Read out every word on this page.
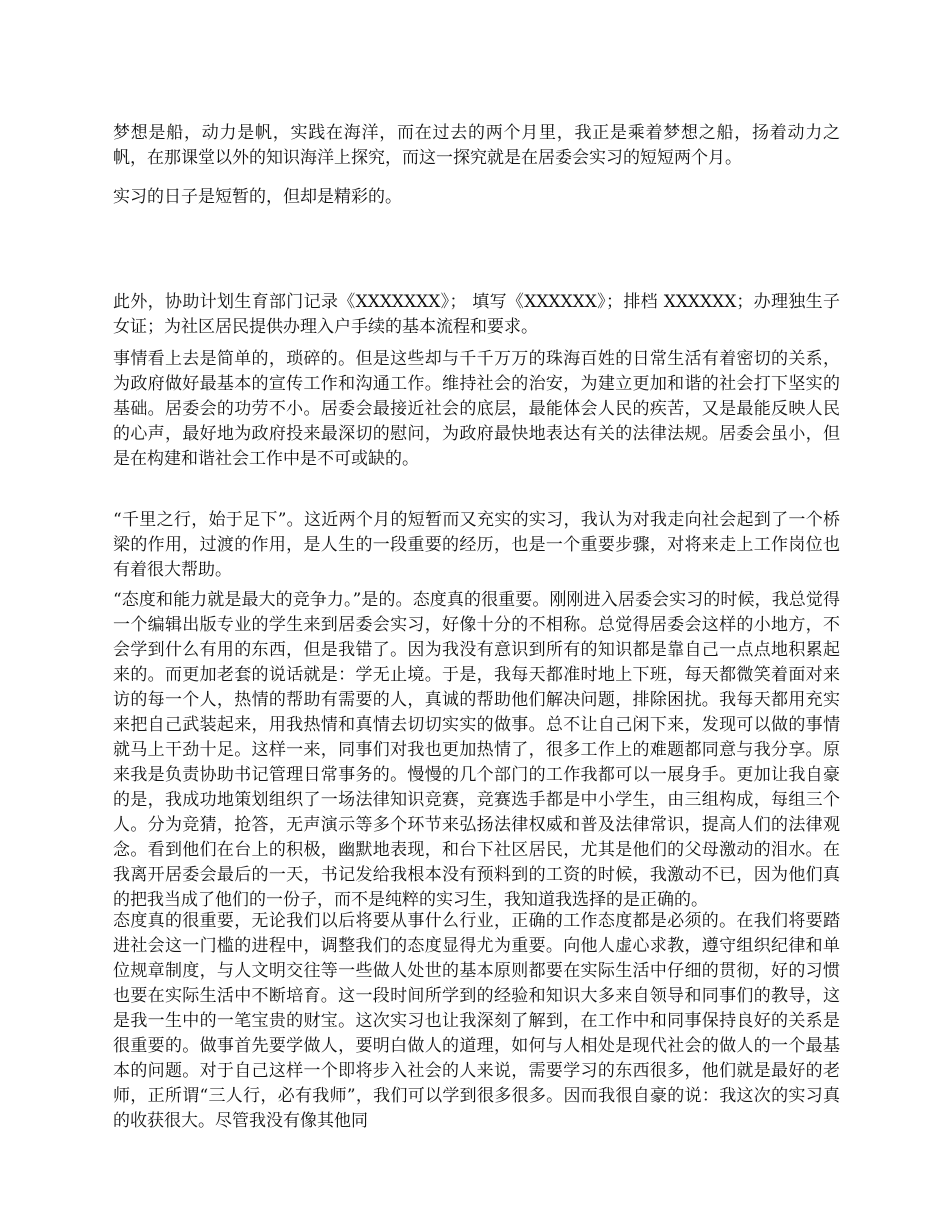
梦想是船，动力是帆，实践在海洋，而在过去的两个月里，我正是乘着梦想之船，扬着动力之帆，在那课堂以外的知识海洋上探究，而这一探究就是在居委会实习的短短两个月。

实习的日子是短暂的，但却是精彩的。

此外，协助计划生育部门记录《XXXXXXX》； 填写《XXXXXX》；排档 XXXXXX；办理独生子女证；为社区居民提供办理入户手续的基本流程和要求。

事情看上去是简单的，琐碎的。但是这些却与千千万万的珠海百姓的日常生活有着密切的关系，为政府做好最基本的宣传工作和沟通工作。维持社会的治安，为建立更加和谐的社会打下坚实的基础。居委会的功劳不小。居委会最接近社会的底层，最能体会人民的疾苦，又是最能反映人民的心声，最好地为政府投来最深切的慰问，为政府最快地表达有关的法律法规。居委会虽小，但是在构建和谐社会工作中是不可或缺的。

“千里之行，始于足下”。这近两个月的短暂而又充实的实习，我认为对我走向社会起到了一个桥梁的作用，过渡的作用，是人生的一段重要的经历，也是一个重要步骤，对将来走上工作岗位也有着很大帮助。

“态度和能力就是最大的竞争力。”是的。态度真的很重要。刚刚进入居委会实习的时候，我总觉得一个编辑出版专业的学生来到居委会实习，好像十分的不相称。总觉得居委会这样的小地方，不会学到什么有用的东西，但是我错了。因为我没有意识到所有的知识都是靠自己一点点地积累起来的。而更加老套的说话就是：学无止境。于是，我每天都准时地上下班，每天都微笑着面对来访的每一个人，热情的帮助有需要的人，真诚的帮助他们解决问题，排除困扰。我每天都用充实来把自己武装起来，用我热情和真情去切切实实的做事。总不让自己闲下来，发现可以做的事情就马上干劲十足。这样一来，同事们对我也更加热情了，很多工作上的难题都同意与我分享。原来我是负责协助书记管理日常事务的。慢慢的几个部门的工作我都可以一展身手。更加让我自豪的是，我成功地策划组织了一场法律知识竞赛，竞赛选手都是中小学生，由三组构成，每组三个人。分为竞猜，抢答，无声演示等多个环节来弘扬法律权威和普及法律常识，提高人们的法律观念。看到他们在台上的积极，幽默地表现，和台下社区居民，尤其是他们的父母激动的泪水。在我离开居委会最后的一天，书记发给我根本没有预料到的工资的时候，我激动不已，因为他们真的把我当成了他们的一份子，而不是纯粹的实习生，我知道我选择的是正确的。

态度真的很重要，无论我们以后将要从事什么行业，正确的工作态度都是必须的。在我们将要踏进社会这一门槛的进程中，调整我们的态度显得尤为重要。向他人虚心求教，遵守组织纪律和单位规章制度，与人文明交往等一些做人处世的基本原则都要在实际生活中仔细的贯彻，好的习惯也要在实际生活中不断培育。这一段时间所学到的经验和知识大多来自领导和同事们的教导，这是我一生中的一笔宝贵的财宝。这次实习也让我深刻了解到，在工作中和同事保持良好的关系是很重要的。做事首先要学做人，要明白做人的道理，如何与人相处是现代社会的做人的一个最基本的问题。对于自己这样一个即将步入社会的人来说，需要学习的东西很多，他们就是最好的老师，正所谓“三人行，必有我师”，我们可以学到很多很多。因而我很自豪的说：我这次的实习真的收获很大。尽管我没有像其他同
